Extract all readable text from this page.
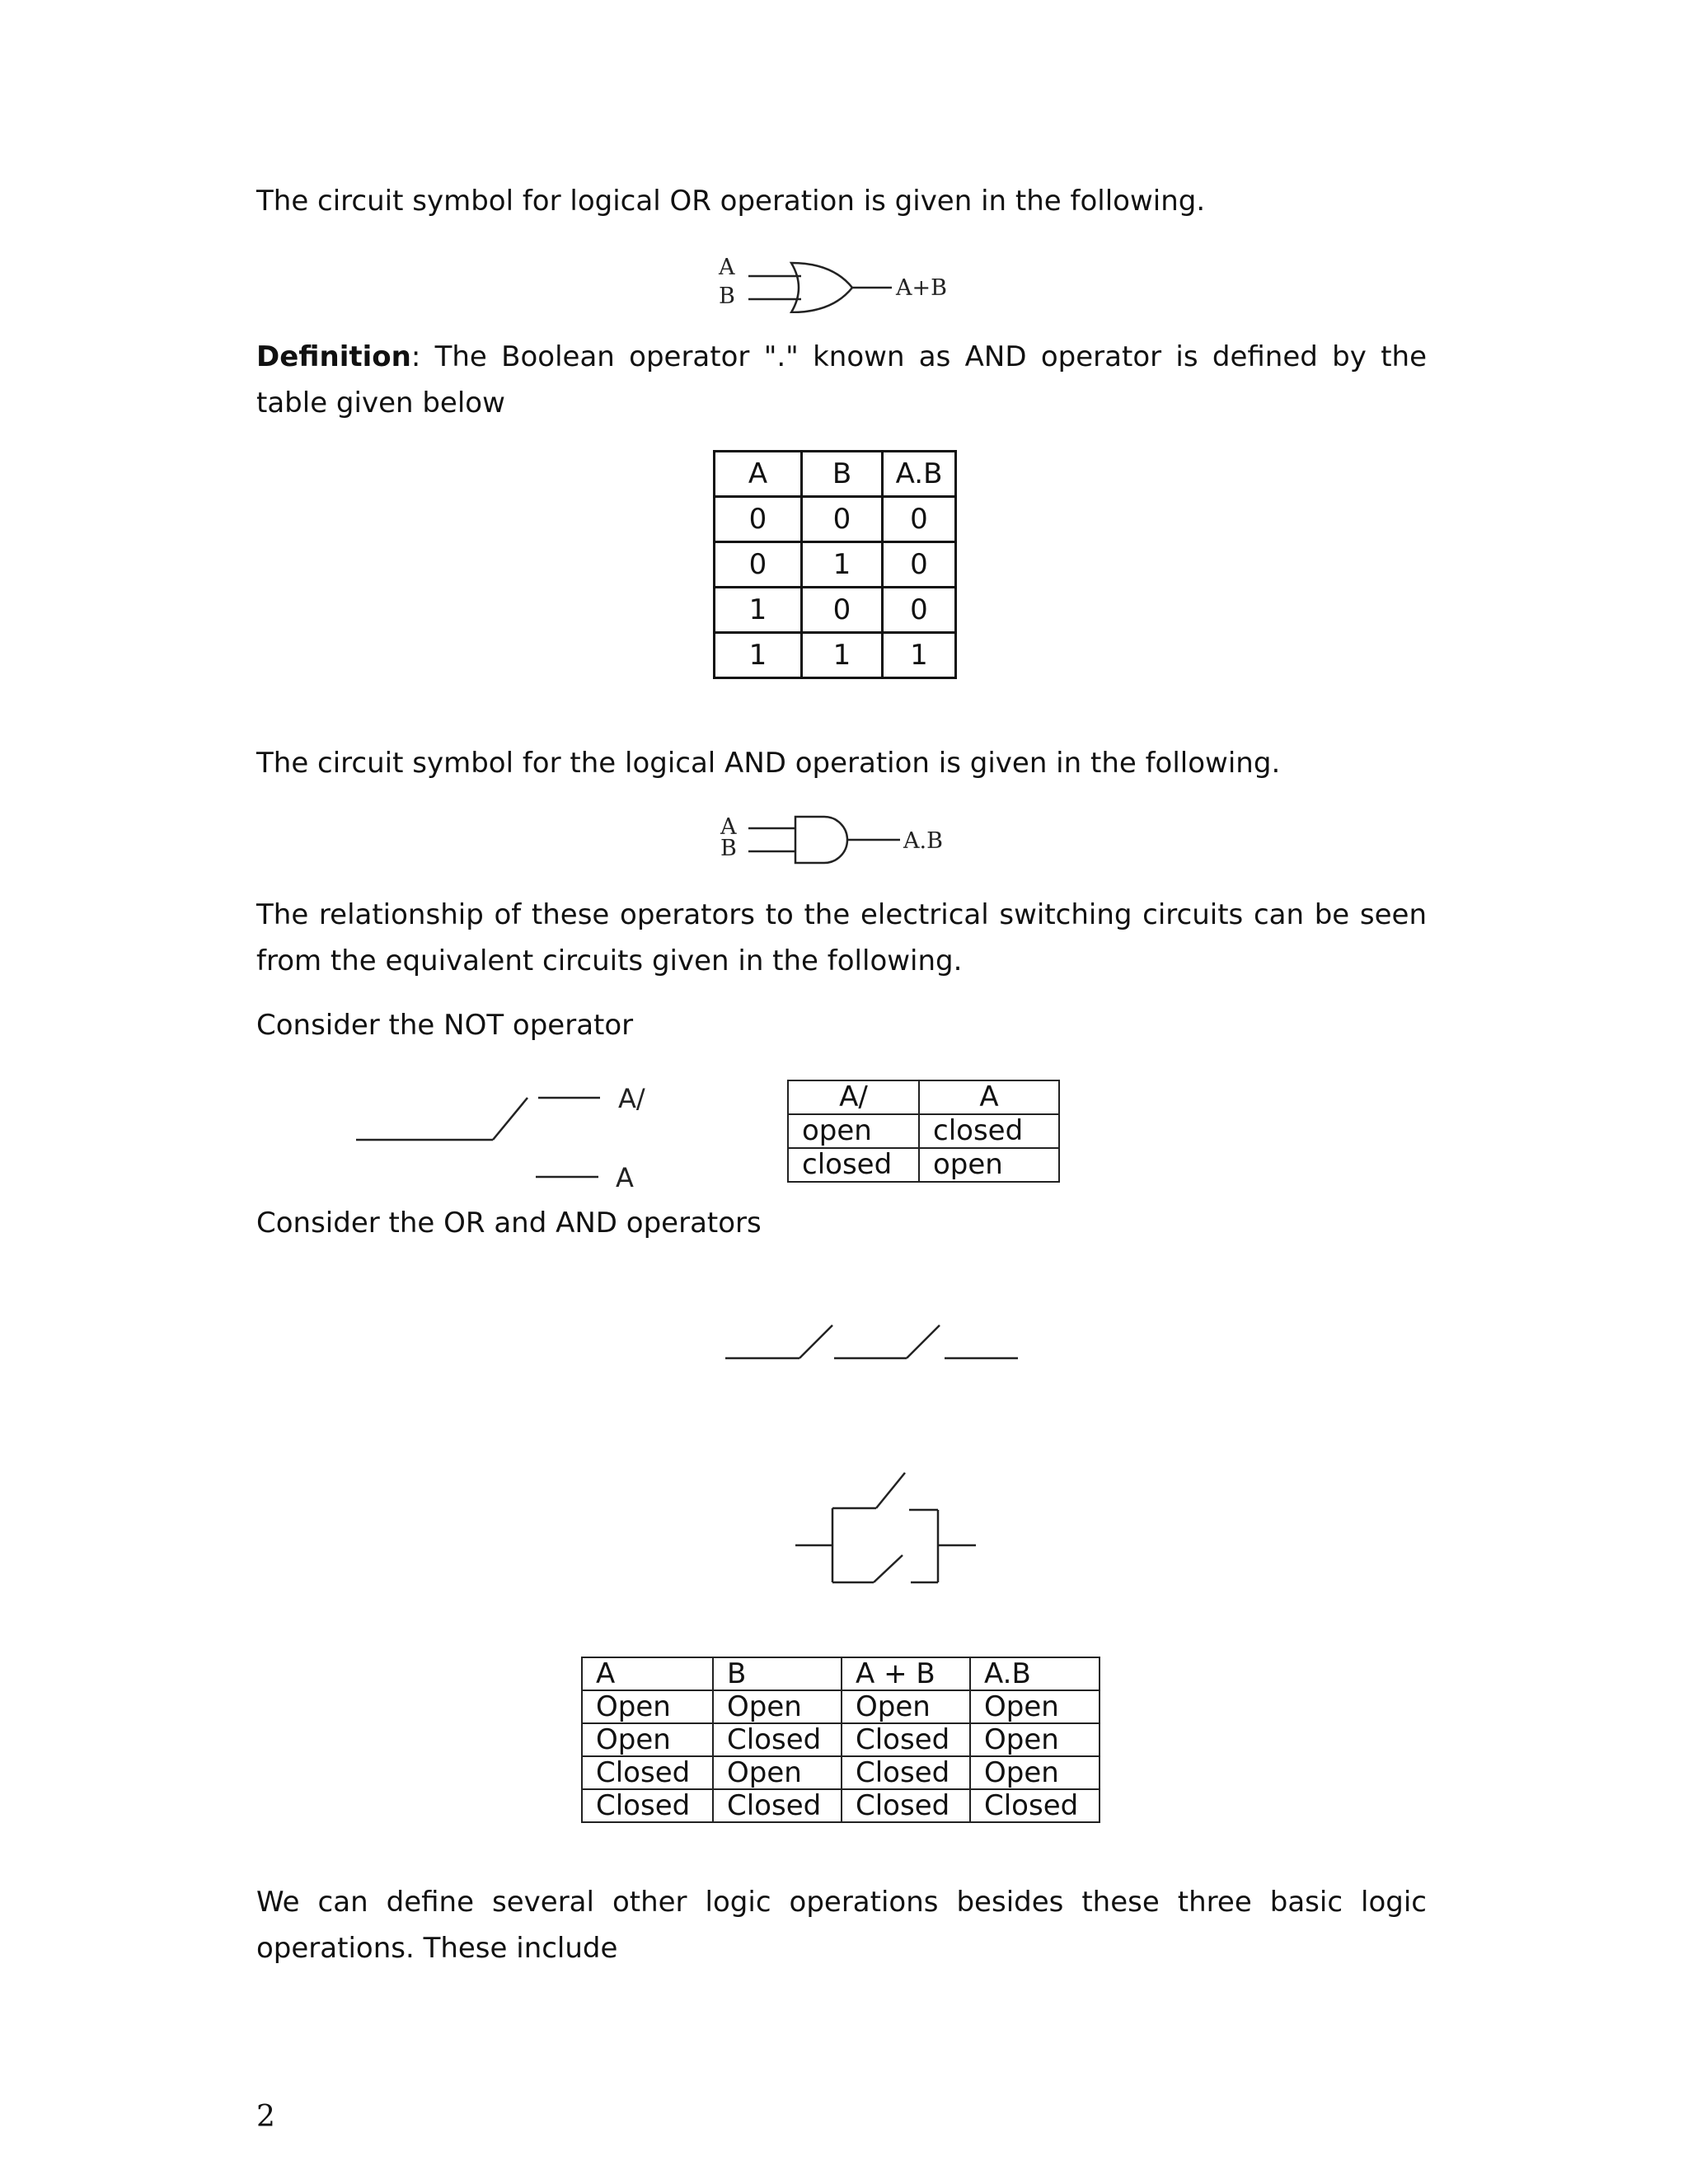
The circuit symbol for logical OR operation is given in the following.

A
B	A+B

Definition: The Boolean operator "." known as AND operator is defined by the table given below

A	B	A.B
0	0	0
0	1	0
1	0	0
1	1	1

The circuit symbol for the logical AND operation is given in the following.

A
B	A.B

The relationship of these operators to the electrical switching circuits can be seen from the equivalent circuits given in the following.

Consider the NOT operator

A/
A
A/	A
open	closed
closed	open

Consider the OR and AND operators

A	B	A + B	A.B
Open	Open	Open	Open
Open	Closed	Closed	Open
Closed	Open	Closed	Open
Closed	Closed	Closed	Closed

We can define several other logic operations besides these three basic logic operations. These include

2
